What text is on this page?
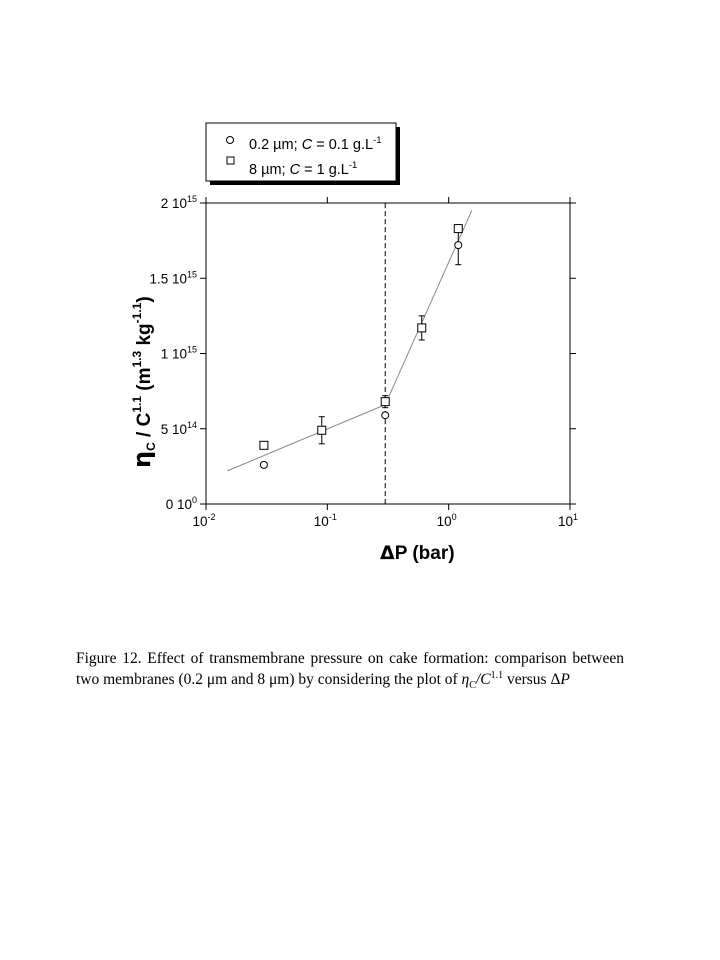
0.2 µm; C = 0.1 $g.L^{-1}$
8 µm; C = 1 $g.L^{-1}$
0 $10^0$
5 $10^{14}$
1 $10^{15}$
1.5 $10^{15}$
2 $10^{15}$
$10^{-2}$	$10^{-1}$	$10^0$	$10^1$
ΔP (bar)
$\eta_C / C^{1.1}$ ($m^{1.3}$ $kg^{-1.1}$)
Figure 12. Effect of transmembrane pressure on cake formation: comparison between two membranes (0.2 μm and 8 μm) by considering the plot of $\eta_C/C^{1.1}$ versus ΔP
